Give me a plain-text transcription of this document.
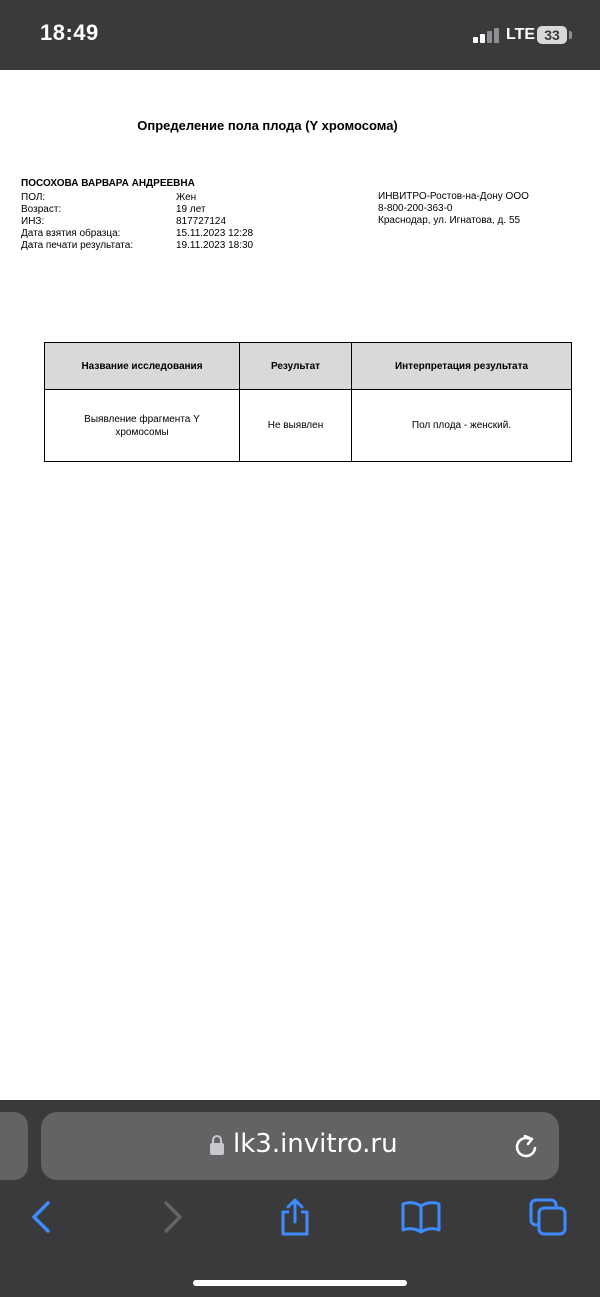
18:49	LTE 33
Определение пола плода (Y хромосома)
ПОСОХОВА ВАРВАРА АНДРЕЕВНА
ПОЛ:	Жен
Возраст:	19 лет
ИНЗ:	817727124
Дата взятия образца:	15.11.2023 12:28
Дата печати результата:	19.11.2023 18:30
ИНВИТРО-Ростов-на-Дону ООО
8-800-200-363-0
Краснодар, ул. Игнатова, д. 55
Название исследования	Результат	Интерпретация результата
Выявление фрагмента Y хромосомы	Не выявлен	Пол плода - женский.
lk3.invitro.ru
